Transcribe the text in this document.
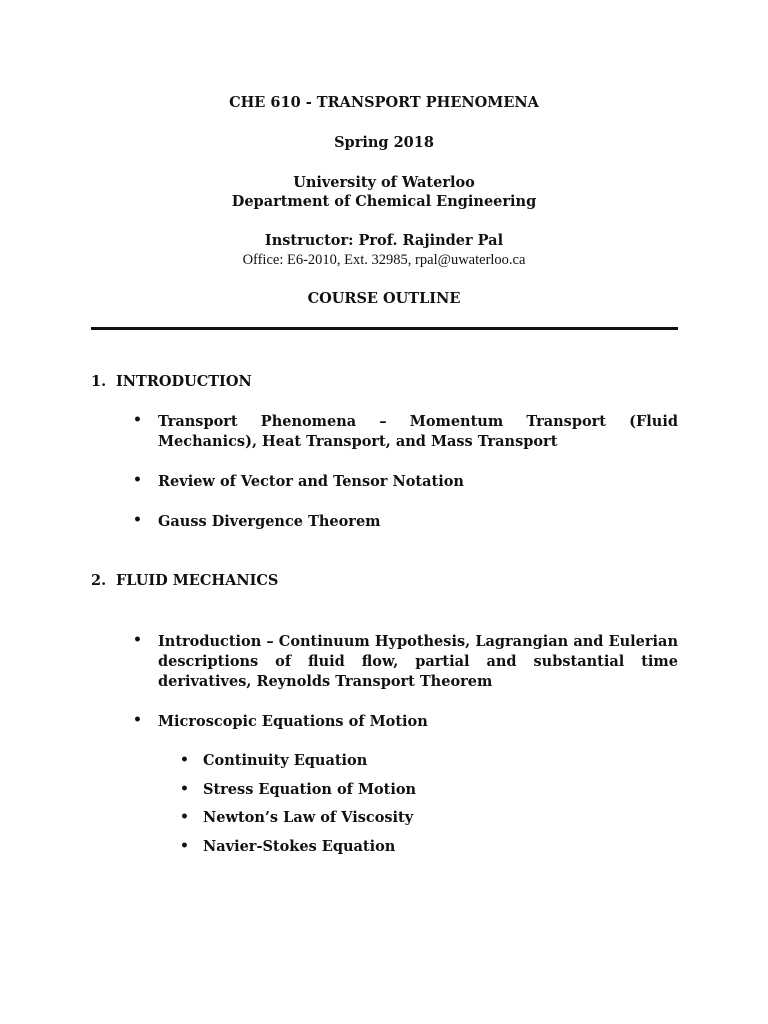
CHE 610 - TRANSPORT PHENOMENA
Spring 2018
University of Waterloo
Department of Chemical Engineering
Instructor: Prof. Rajinder Pal
Office: E6-2010, Ext. 32985, rpal@uwaterloo.ca
COURSE OUTLINE
1. INTRODUCTION
•	Transport Phenomena – Momentum Transport (Fluid Mechanics), Heat Transport, and Mass Transport
•	Review of Vector and Tensor Notation
•	Gauss Divergence Theorem
2. FLUID MECHANICS
•	Introduction – Continuum Hypothesis, Lagrangian and Eulerian descriptions of fluid flow, partial and substantial time derivatives, Reynolds Transport Theorem
•	Microscopic Equations of Motion
• Continuity Equation
• Stress Equation of Motion
• Newton’s Law of Viscosity
• Navier-Stokes Equation
